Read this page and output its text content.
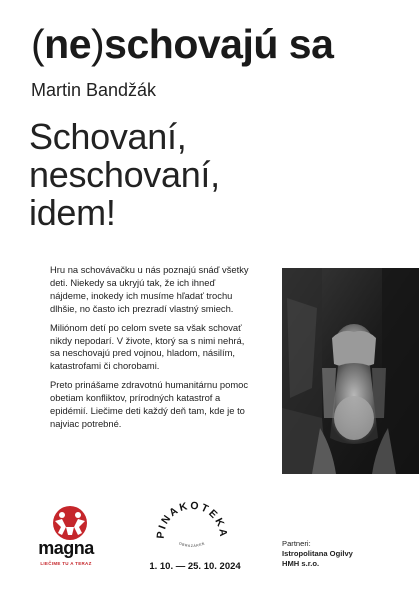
(ne)schovajú sa
Martin Bandžák
Schovaní,
neschovaní,
idem!

Hru na schovávačku u nás poznajú snáď všetky deti. Niekedy sa ukryjú tak, že ich ihneď nájdeme, inokedy ich musíme hľadať trochu dlhšie, no často ich prezradí vlastný smiech.

Miliónom detí po celom svete sa však schovať nikdy nepodarí. V živote, ktorý sa s nimi nehrá, sa neschovajú pred vojnou, hladom, násilím, katastrofami či chorobami.

Preto prinášame zdravotnú humanitárnu pomoc obetiam konfliktov, prírodných katastrof a epidémií. Liečime deti každý deň tam, kde je to najviac potrebné.

magna
LIEČIME TU A TERAZ
PINAKOTEKA
OBRAZÁREŇ
1. 10. — 25. 10. 2024
Partneri:
Istropolitana Ogilvy
HMH s.r.o.
